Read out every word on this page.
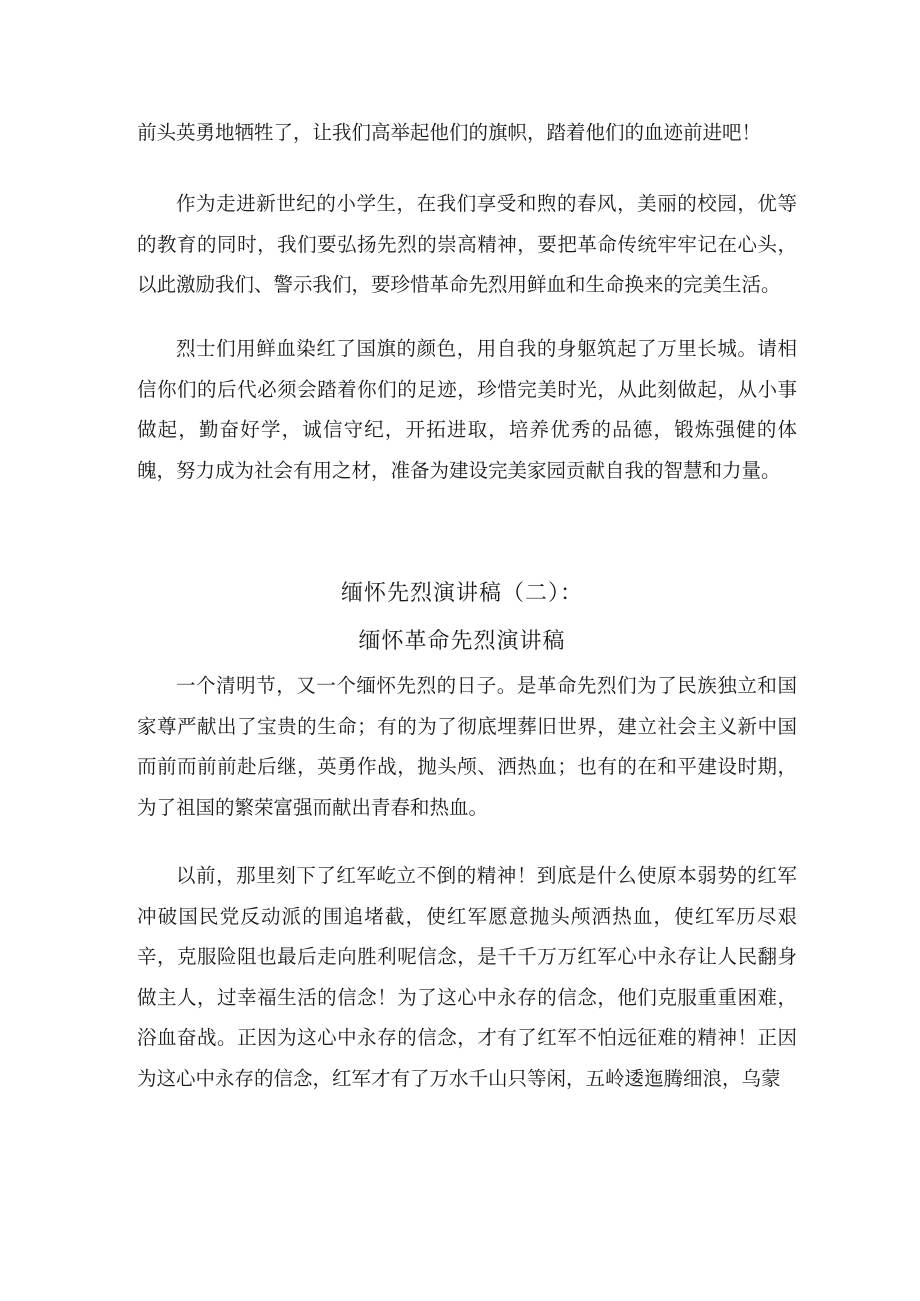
前头英勇地牺牲了，让我们高举起他们的旗帜，踏着他们的血迹前进吧！

作为走进新世纪的小学生，在我们享受和煦的春风，美丽的校园，优等的教育的同时，我们要弘扬先烈的崇高精神，要把革命传统牢牢记在心头，以此激励我们、警示我们，要珍惜革命先烈用鲜血和生命换来的完美生活。

烈士们用鲜血染红了国旗的颜色，用自我的身躯筑起了万里长城。请相信你们的后代必须会踏着你们的足迹，珍惜完美时光，从此刻做起，从小事做起，勤奋好学，诚信守纪，开拓进取，培养优秀的品德，锻炼强健的体魄，努力成为社会有用之材，准备为建设完美家园贡献自我的智慧和力量。

缅怀先烈演讲稿（二）：
缅怀革命先烈演讲稿

一个清明节，又一个缅怀先烈的日子。是革命先烈们为了民族独立和国家尊严献出了宝贵的生命；有的为了彻底埋葬旧世界，建立社会主义新中国而前而前前赴后继，英勇作战，抛头颅、洒热血；也有的在和平建设时期，为了祖国的繁荣富强而献出青春和热血。

以前，那里刻下了红军屹立不倒的精神！到底是什么使原本弱势的红军冲破国民党反动派的围追堵截，使红军愿意抛头颅洒热血，使红军历尽艰辛，克服险阻也最后走向胜利呢信念，是千千万万红军心中永存让人民翻身做主人，过幸福生活的信念！为了这心中永存的信念，他们克服重重困难，浴血奋战。正因为这心中永存的信念，才有了红军不怕远征难的精神！正因为这心中永存的信念，红军才有了万水千山只等闲，五岭逶迤腾细浪，乌蒙
